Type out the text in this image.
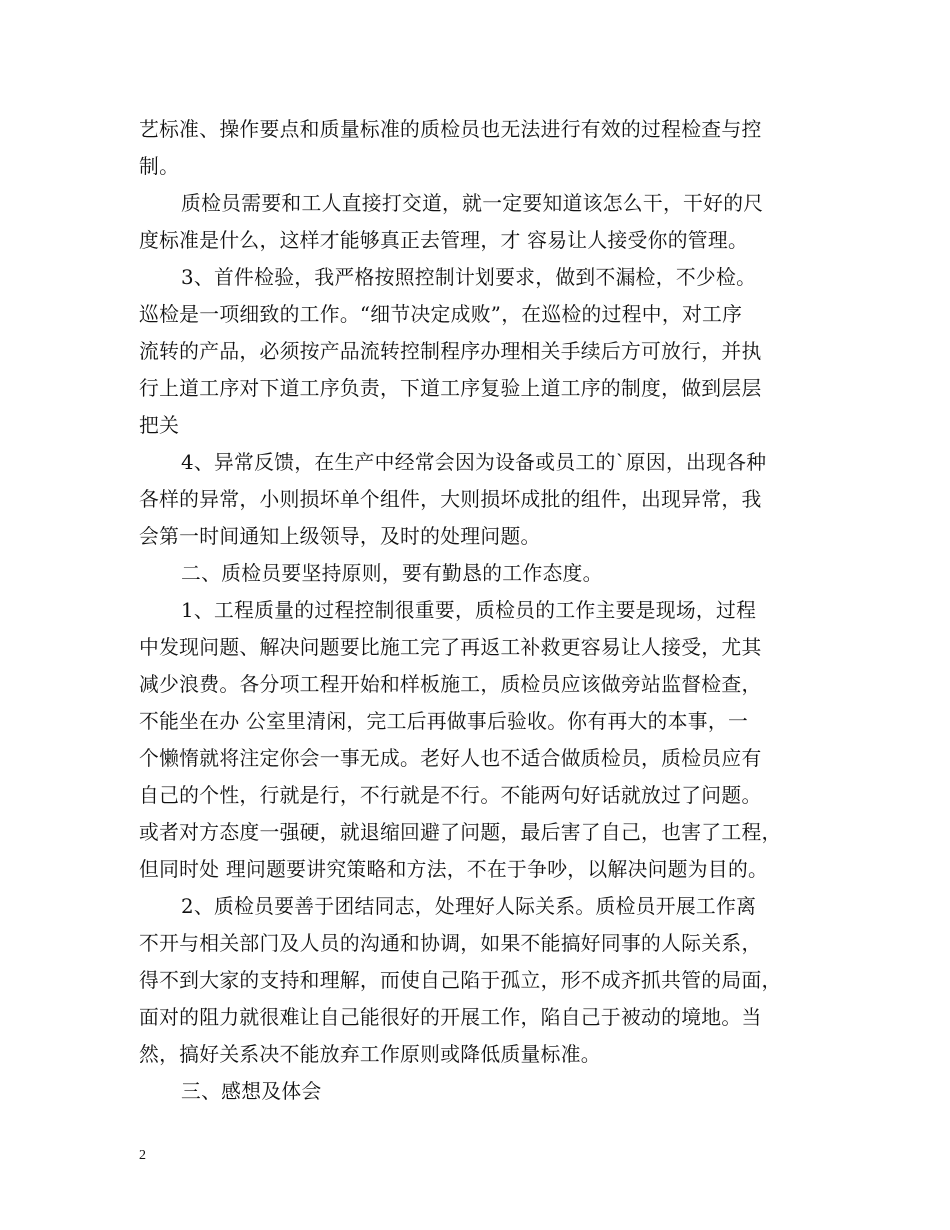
艺标准、操作要点和质量标准的质检员也无法进行有效的过程检查与控

制。

质检员需要和工人直接打交道，就一定要知道该怎么干，干好的尺

度标准是什么，这样才能够真正去管理，才 容易让人接受你的管理。

3、首件检验，我严格按照控制计划要求，做到不漏检，不少检。

巡检是一项细致的工作。“细节决定成败”，在巡检的过程中，对工序

流转的产品，必须按产品流转控制程序办理相关手续后方可放行，并执

行上道工序对下道工序负责，下道工序复验上道工序的制度，做到层层

把关

4、异常反馈，在生产中经常会因为设备或员工的`原因，出现各种

各样的异常，小则损坏单个组件，大则损坏成批的组件，出现异常，我

会第一时间通知上级领导，及时的处理问题。

二、质检员要坚持原则，要有勤恳的工作态度。

1、工程质量的过程控制很重要，质检员的工作主要是现场，过程

中发现问题、解决问题要比施工完了再返工补救更容易让人接受，尤其

减少浪费。各分项工程开始和样板施工，质检员应该做旁站监督检查，

不能坐在办 公室里清闲，完工后再做事后验收。你有再大的本事，一

个懒惰就将注定你会一事无成。老好人也不适合做质检员，质检员应有

自己的个性，行就是行，不行就是不行。不能两句好话就放过了问题。

或者对方态度一强硬，就退缩回避了问题，最后害了自己，也害了工程，

但同时处 理问题要讲究策略和方法，不在于争吵，以解决问题为目的。

2、质检员要善于团结同志，处理好人际关系。质检员开展工作离

不开与相关部门及人员的沟通和协调，如果不能搞好同事的人际关系，

得不到大家的支持和理解，而使自己陷于孤立，形不成齐抓共管的局面，

面对的阻力就很难让自己能很好的开展工作，陷自己于被动的境地。当

然，搞好关系决不能放弃工作原则或降低质量标准。

三、感想及体会

2
